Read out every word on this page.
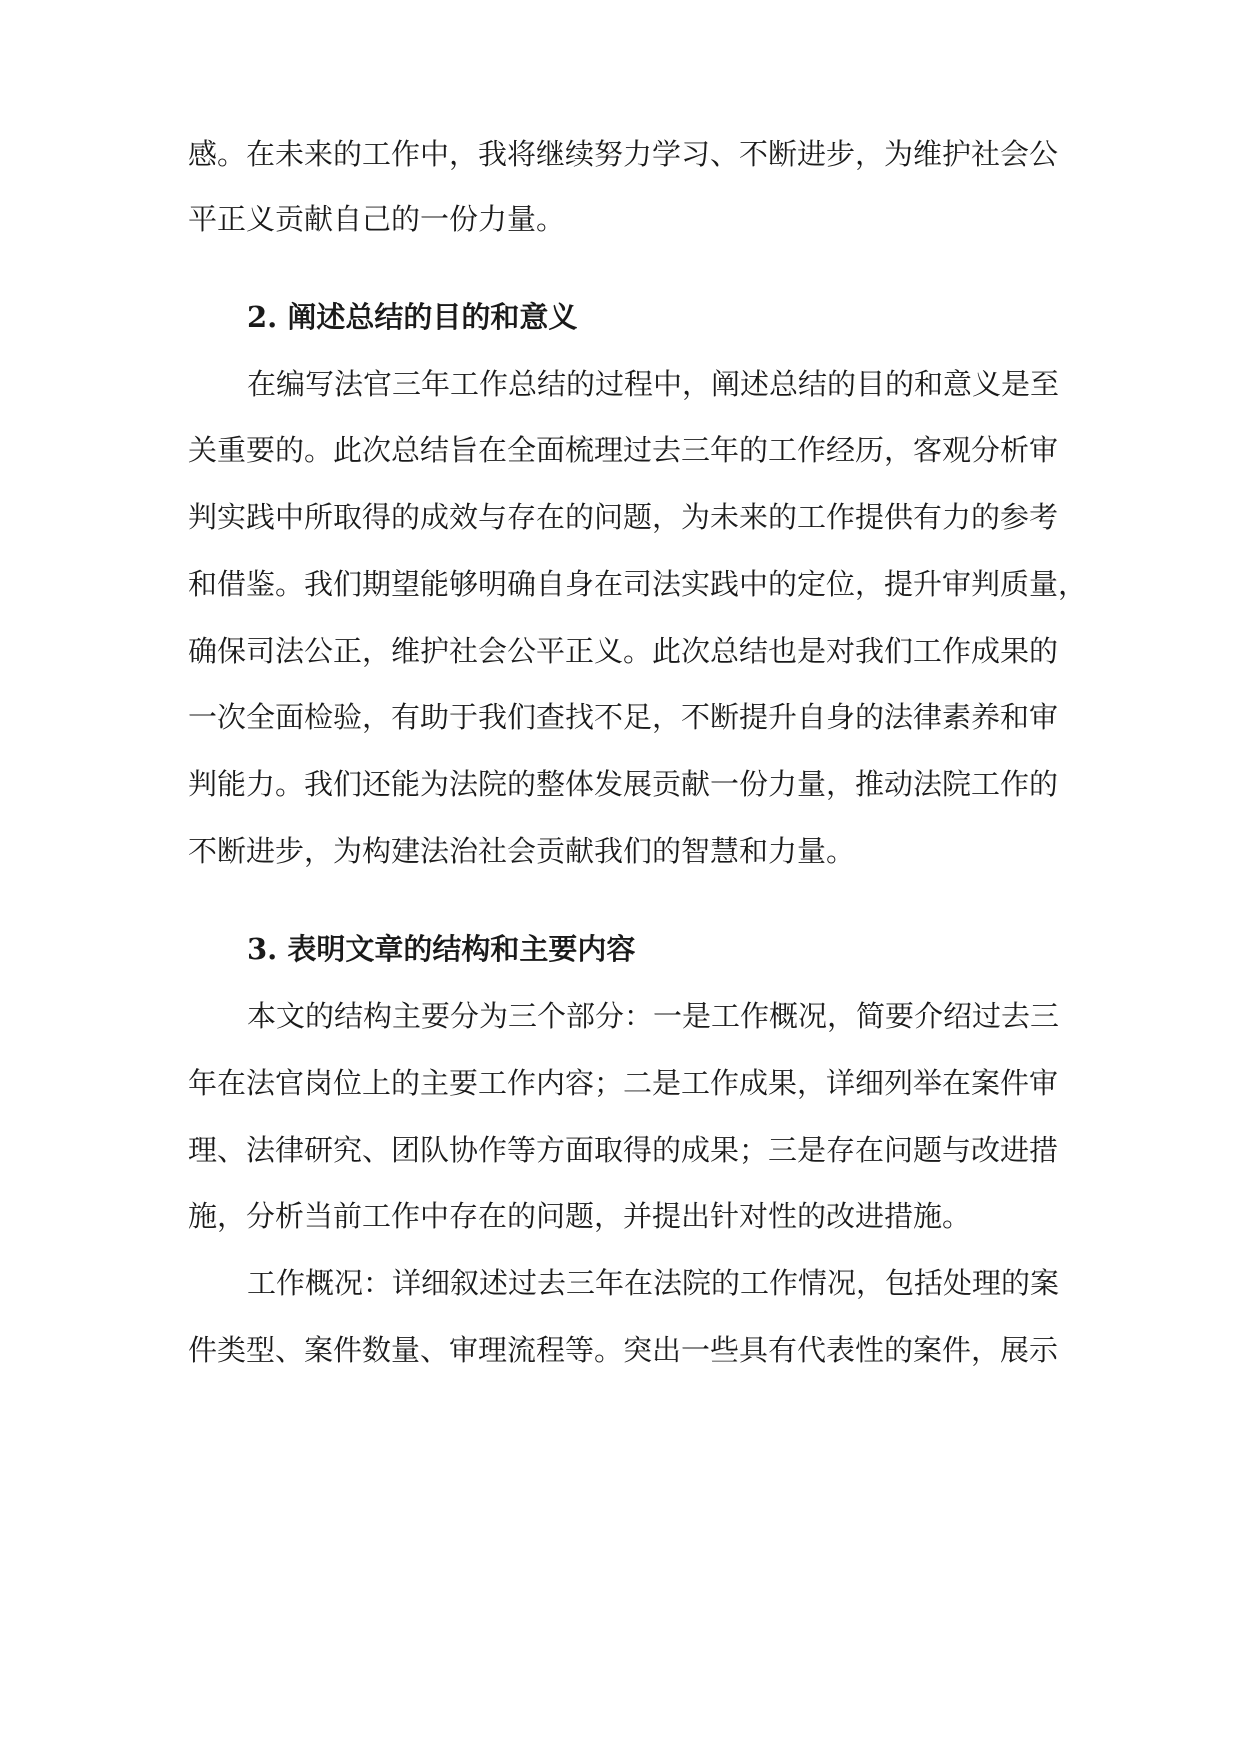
感。在未来的工作中，我将继续努力学习、不断进步，为维护社会公
平正义贡献自己的一份力量。
2. 阐述总结的目的和意义
在编写法官三年工作总结的过程中，阐述总结的目的和意义是至
关重要的。此次总结旨在全面梳理过去三年的工作经历，客观分析审
判实践中所取得的成效与存在的问题，为未来的工作提供有力的参考
和借鉴。我们期望能够明确自身在司法实践中的定位，提升审判质量，
确保司法公正，维护社会公平正义。此次总结也是对我们工作成果的
一次全面检验，有助于我们查找不足，不断提升自身的法律素养和审
判能力。我们还能为法院的整体发展贡献一份力量，推动法院工作的
不断进步，为构建法治社会贡献我们的智慧和力量。
3. 表明文章的结构和主要内容
本文的结构主要分为三个部分：一是工作概况，简要介绍过去三
年在法官岗位上的主要工作内容；二是工作成果，详细列举在案件审
理、法律研究、团队协作等方面取得的成果；三是存在问题与改进措
施，分析当前工作中存在的问题，并提出针对性的改进措施。
工作概况：详细叙述过去三年在法院的工作情况，包括处理的案
件类型、案件数量、审理流程等。突出一些具有代表性的案件，展示
